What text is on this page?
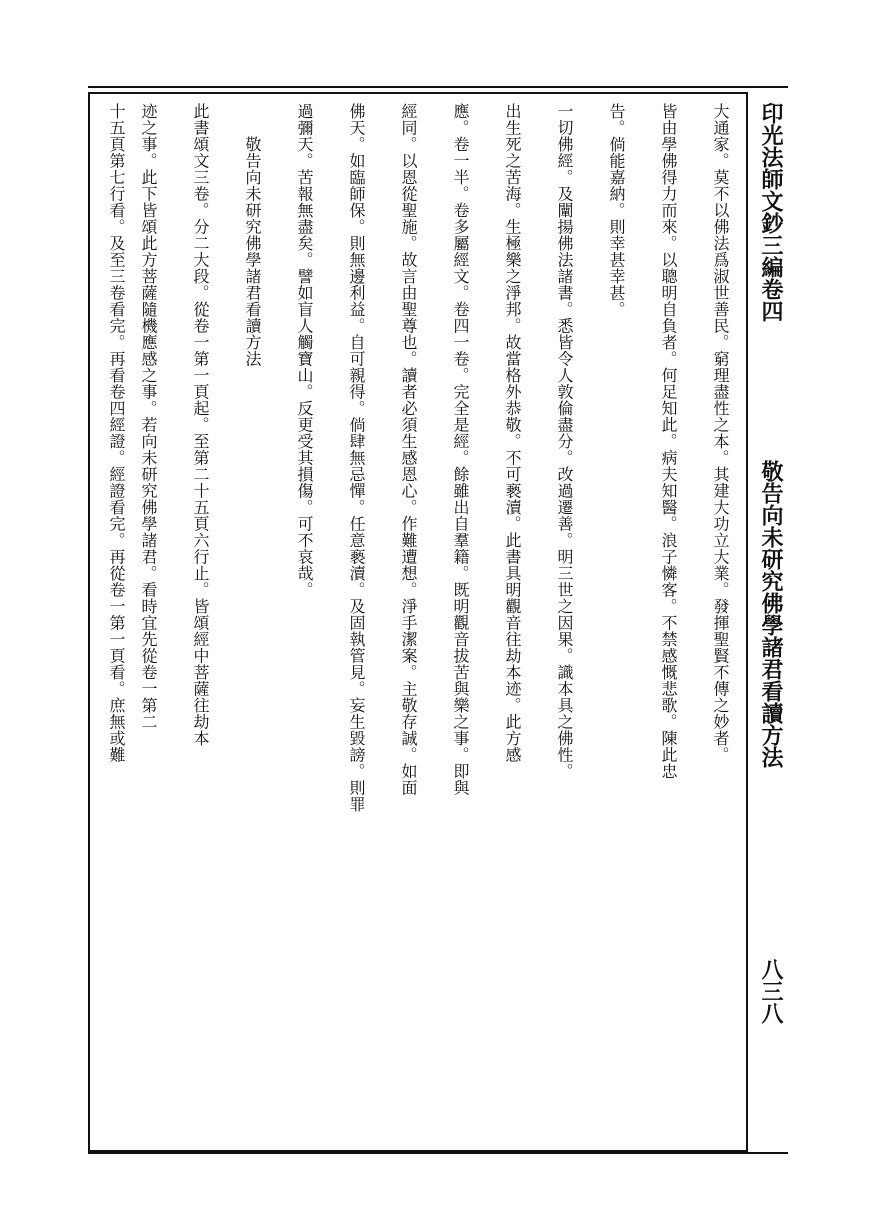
印光法師文鈔三編卷四
敬告向未研究佛學諸君看讀方法
八三八
大通家。莫不以佛法爲淑世善民。窮理盡性之本。其建大功立大業。發揮聖賢不傳之妙者。
皆由學佛得力而來。以聰明自負者。何足知此。病夫知醫。浪子憐客。不禁感慨悲歌。陳此忠
告。倘能嘉納。則幸甚幸甚。
一切佛經。及闡揚佛法諸書。悉皆令人敦倫盡分。改過遷善。明三世之因果。識本具之佛性。
出生死之苦海。生極樂之淨邦。故當格外恭敬。不可褻瀆。此書具明觀音往劫本迹。此方感
應。卷一半。卷多屬經文。卷四一卷。完全是經。餘雖出自羣籍。既明觀音拔苦與樂之事。即與
經同。以恩從聖施。故言由聖尊也。讀者必須生感恩心。作難遭想。淨手潔案。主敬存誠。如面
佛天。如臨師保。則無邊利益。自可親得。倘肆無忌憚。任意褻瀆。及固執管見。妄生毀謗。則罪
過彌天。苦報無盡矣。譬如盲人觸寶山。反更受其損傷。可不哀哉。
　　敬告向未研究佛學諸君看讀方法
此書頌文三卷。分二大段。從卷一第一頁起。至第二十五頁六行止。皆頌經中菩薩往劫本
迹之事。此下皆頌此方菩薩隨機應感之事。若向未研究佛學諸君。看時宜先從卷一第二
十五頁第七行看。及至三卷看完。再看卷四經證。經證看完。再從卷一第一頁看。庶無或難
